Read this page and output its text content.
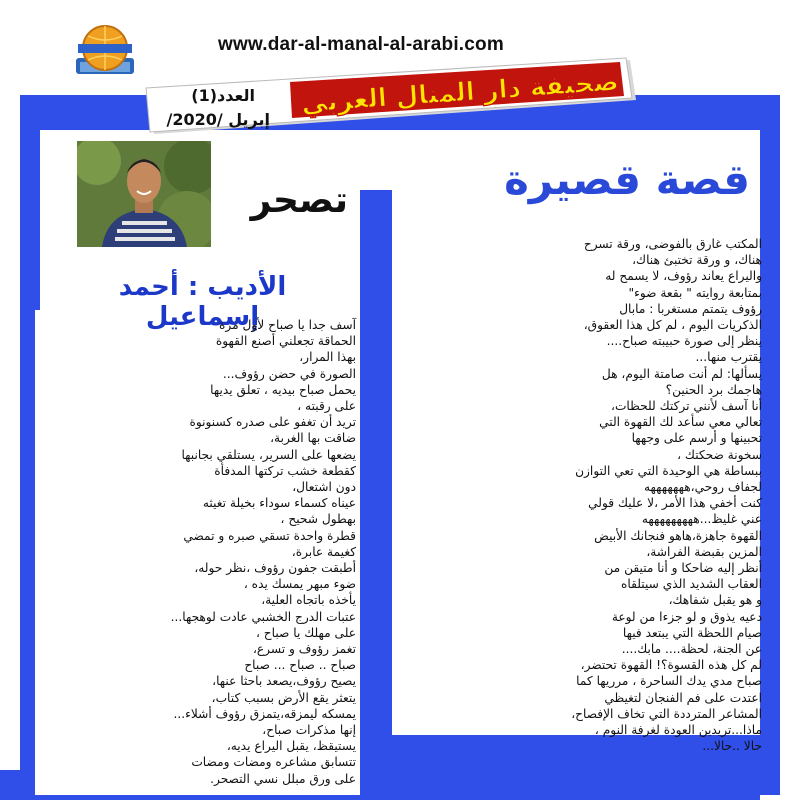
www.dar-al-manal-al-arabi.com
صحيفة دار المنال العربي
العدد(1)
إبريل /2020/
قصة قصيرة
تصحر
الأديب : أحمد إسماعيل
المكتب غارق بالفوضى، ورقة تسرح
هناك، و ورقة تختبئ هناك،
واليراع يعاند رؤوف، لا يسمح له
بمتابعة روايته " بقعة ضوء"
رؤوف يتمتم مستغربا : مابال
الذكريات اليوم ، لم كل هذا العقوق،
ينظر إلى صورة حبيبته صباح....
يقترب منها...
يسألها: لم أنت صامتة اليوم، هل
هاجمك برد الحنين؟
أنا آسف لأنني تركتك للحظات،
تعالي معي سأعد لك القهوة التي
تحبينها و أرسم على وجهها
سخونة ضحكتك ،
ببساطة هي الوحيدة التي تعي التوازن
لجفاف روحي،هههههههه
كنت أخفي هذا الأمر ،لا عليك قولي
عني غليظ...هههههههههه
القهوة جاهزة،هاهو فنجانك الأبيض
المزين بقبضة الفراشة،
أنظر إليه ضاحكا و أنا متيقن من
العقاب الشديد الذي سيتلقاه
و هو يقبل شفاهك،
دعيه يذوق و لو جزءا من لوعة
صيام اللحظة التي يبتعد فيها
عن الجنة، لحظة.... مابك....
لم كل هذه القسوة؟! القهوة تحتضر،
صباح مدي يدك الساحرة ، مرريها كما
اعتدت على فم الفنجان لتغيظي
المشاعر المترددة التي تخاف الإفصاح،
ماذا...تريدين العودة لغرفة النوم ،
حالا ..حالا...
آسف جدا يا صباح لأول مرة
الحماقة تجعلني أصنع القهوة
بهذا المرار،
الصورة في حضن رؤوف...
يحمل صباح بيديه ، تعلق يديها
على رقبته ،
تريد أن تغفو على صدره كسنونوة
ضاقت بها الغربة،
يضعها على السرير، يستلقي بجانبها
كقطعة خشب تركتها المدفأة
دون اشتعال،
عيناه كسماء سوداء بخيلة تغيثه
بهطول شحيح ،
قطرة واحدة تسقي صبره و تمضي
كغيمة عابرة،
أطبقت جفون رؤوف ،نظر حوله،
ضوء مبهر يمسك يده ،
يأخذه باتجاه العلية،
عتبات الدرج الخشبي عادت لوهجها...
على مهلك يا صباح ،
تغمز رؤوف و تسرع،
صباح .. صباح ... صباح
يصيح رؤوف،يصعد باحثا عنها،
يتعثر يقع الأرض بسبب كتاب،
يمسكه ليمزقه،يتمزق رؤوف أشلاء...
إنها مذكرات صباح،
يستيقظ، يقبل اليراع يديه،
تتسابق مشاعره ومضات ومضات
على ورق مبلل نسي التصحر.
